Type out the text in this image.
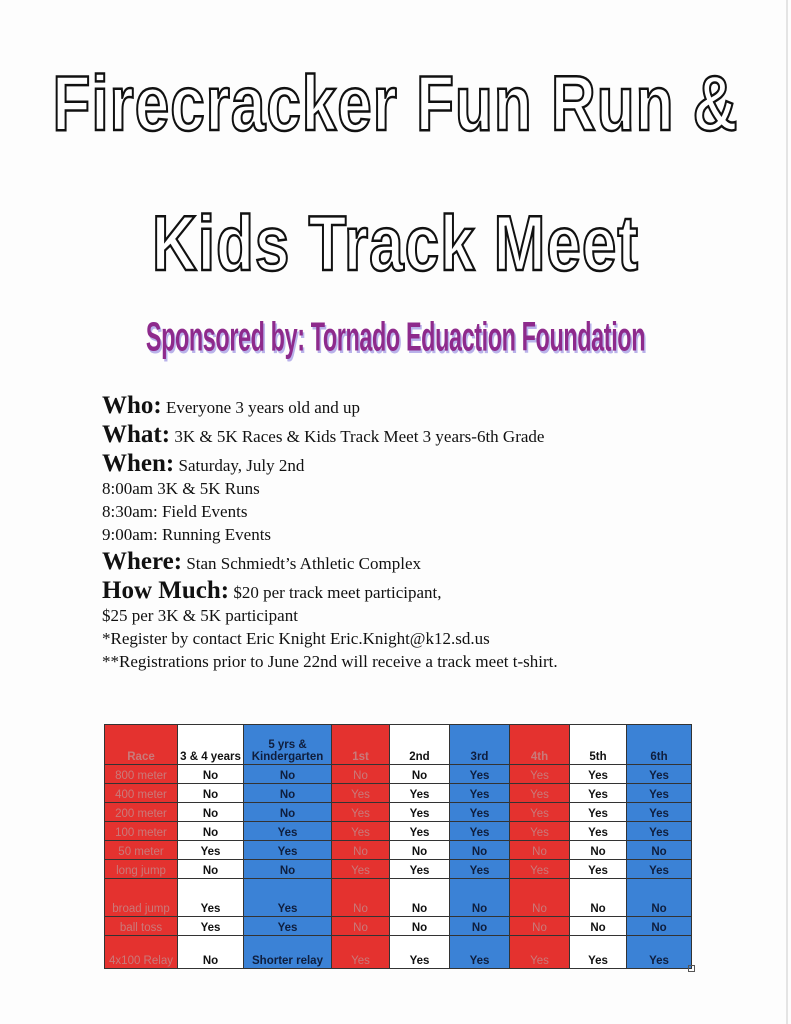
Firecracker Fun Run &
Kids Track Meet
Sponsored by: Tornado Eduaction Foundation
Who: Everyone 3 years old and up
What: 3K & 5K Races & Kids Track Meet 3 years-6th Grade
When: Saturday, July 2nd
8:00am 3K & 5K Runs
8:30am: Field Events
9:00am: Running Events
Where: Stan Schmiedt’s Athletic Complex
How Much: $20 per track meet participant,
$25 per 3K & 5K participant
*Register by contact Eric Knight Eric.Knight@k12.sd.us
**Registrations prior to June 22nd will receive a track meet t-shirt.
Race	3 & 4 years	5 yrs & Kindergarten	1st	2nd	3rd	4th	5th	6th
800 meter	No	No	No	No	Yes	Yes	Yes	Yes
400 meter	No	No	Yes	Yes	Yes	Yes	Yes	Yes
200 meter	No	No	Yes	Yes	Yes	Yes	Yes	Yes
100 meter	No	Yes	Yes	Yes	Yes	Yes	Yes	Yes
50 meter	Yes	Yes	No	No	No	No	No	No
long jump	No	No	Yes	Yes	Yes	Yes	Yes	Yes
broad jump	Yes	Yes	No	No	No	No	No	No
ball toss	Yes	Yes	No	No	No	No	No	No
4x100 Relay	No	Shorter relay	Yes	Yes	Yes	Yes	Yes	Yes
